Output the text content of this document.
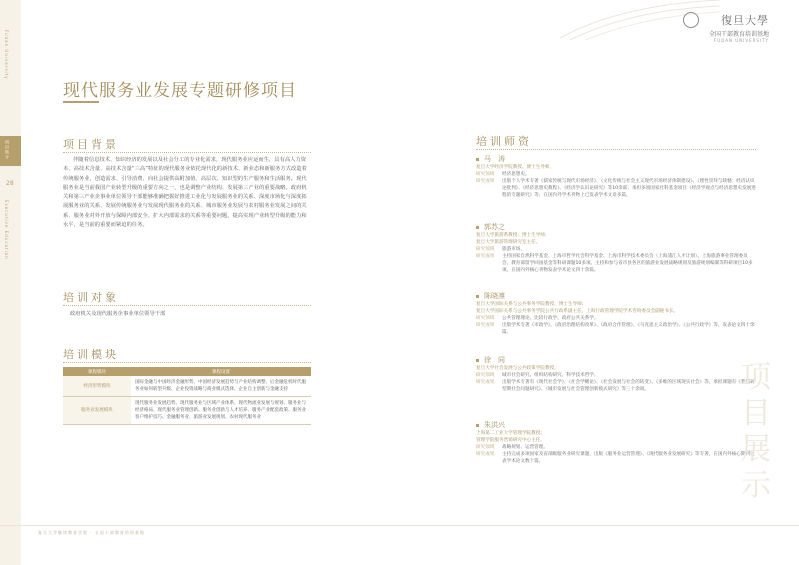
Fudan University
项目简介
28
Executive Education
復旦大學
全国干部教育培训基地
FUDAN UNIVERSITY
现代服务业发展专题研修项目
项目背景
伴随着信息技术、知识经济的发展以及社会分工的专业化需求，现代服务业应运而生，具有高人力资本、高技术含量、高技术含量“三高”特征的现代服务业依托现代化的新技术、新业态和新服务方式改造着传统服务业，创造需求、引导消费，向社会提供高附加值、高层次、知识型的生产服务和生活服务。现代服务业是当前我国产业转型升级的重要方向之一，也是调整产业结构、发展第三产业的重要战略。政府机关和第三产业企事业单位领导干部能够准确把握好推进工业化与发展服务业的关系、深度市场化与深度拓展服务业的关系、发展传统服务业与发展现代服务业的关系、城市服务业发展与农村服务业发展之间的关系、服务业对外开放与保障内部安全、扩大内部需求的关系等重要问题，提高实现产业转型升级的能力和水平，是当前的重要而紧迫的任务。
培训对象
政府机关及现代服务企事业单位领导干部
培训模块
课程模块	课程设置
经济形势模块	国际金融与中国经济金融形势、中国经济发展趋势与产业结构调整、后金融危机时代服务业如何转型升级、企业投资战略与商业模式选择、企业自主创新与金融支持
服务业发展模块	现代服务业发展趋势、现代服务业与区域产业体系、现代物流业发展与规划、服务业与经济格局、现代服务业管理创新、服务业创新与人才培养、服务产业配套政策、服务业客户维护技巧、金融服务业、旅游业发展规划、农村现代服务业
培训师资
马　涛
复旦大学经济学院教授、博士生导师。
研究领域	经济思想史。
研究成果	出版个人学术专著《儒家传统与现代市场经济》、《文化传统与社会主义现代市场经济体制建设》、《理性崇拜与缺憾：经济认识论批判》、《经济思想史教程》、《经济学认识论研究》等10余部；承担多项国家社科基金项目《经济学观点与经济思想史发展进程的专题研究》等；在国内外学术刊物上已发表学术文章多篇。
郭苏之
复旦大学旅游系教授、博士生导师；
复旦大学旅游管理研究室主任。
研究领域	旅游市场。
研究成果	主持国家自然科学基金、上海市哲学社会科学基金、上海市科学技术委员会（上海浦江人才计划）、上海旅游事业管理委员会、教育部留学回国基金等科研课题10多项。主持和参与省市县各区的旅游业发展战略规划及旅游规划编制等科研项目10多项。在国内外核心刊物发表学术论文四十余篇。
陈晓凛
复旦大学国际关系与公共事务学院教授、博士生导师；
复旦大学国际关系与公共事务学院公共行政系副主任、上海行政管理学院学术咨询委员会副秘书长。
研究领域	公共管理理论、比较行政学、政府公共关系学。
研究成果	出版学术专著《市政学》、《政府治理结构改革》、《政府合作管理》、《马克思主义政治学》、《公共行政学》等，发表论文四十余篇。
徐　同
复旦大学社会发展与公共政策学院教授。
研究领域	城市社会研究、组织结构研究、科学技术哲学。
研究成果	出版学术专著有《现代社会学》、《社会学概论》、《社会发展与社会的转变》、《多维的区域现实社会》等，承担课题有《我国转型期社会问题研究》、《城市发展与社会管理创新模式研究》等三十余项。
朱洪兴
上海第二工业大学管理学院教授；
管理学院服务营销研究中心主任。
研究领域	战略规划、运营管理。
研究成果	主持完成多项国家及省部级服务业研究课题，出版《服务业运营管理》、《现代服务业发展研究》等专著，在国内外核心期刊发表学术论文数十篇。
项目展示
复旦大学继续教育学院 · 全国干部教育培训基地
